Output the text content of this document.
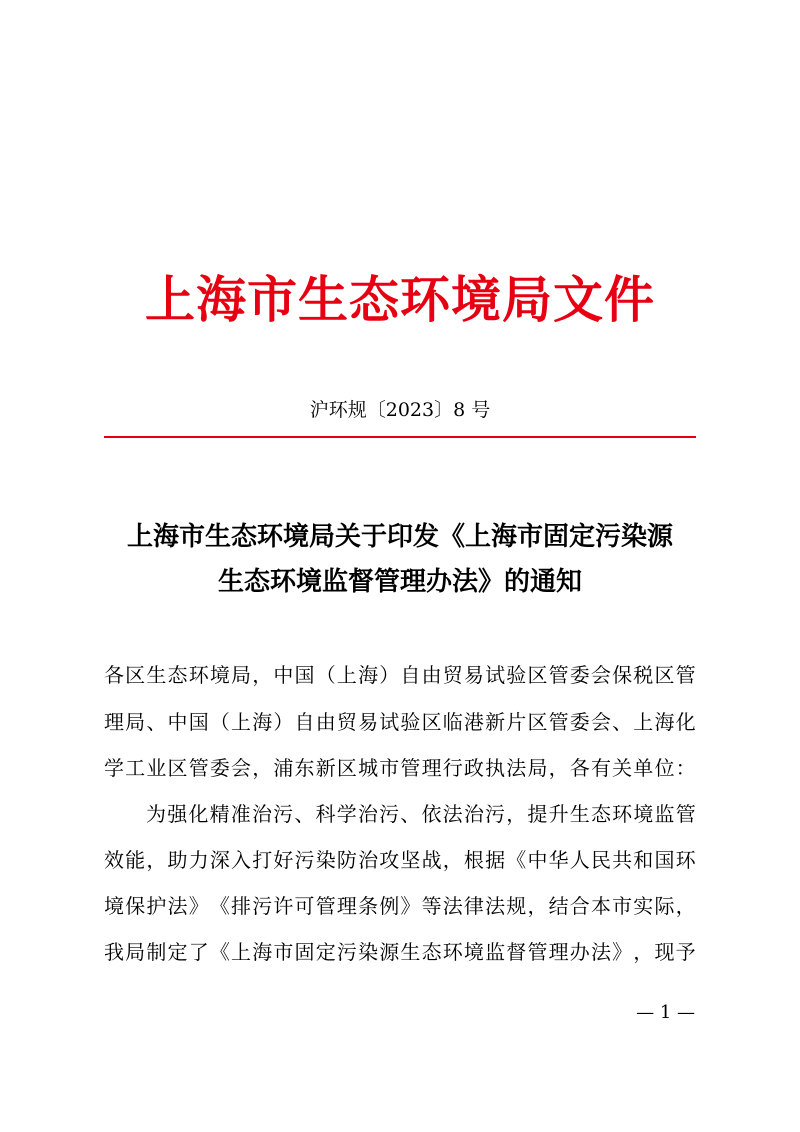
上海市生态环境局文件
沪环规〔2023〕8 号
上海市生态环境局关于印发《上海市固定污染源
生态环境监督管理办法》的通知
各 区 生 态 环 境 局 ， 中 国 （ 上 海 ） 自 由 贸 易 试 验 区 管 委 会 保 税 区 管
理 局 、 中 国 （ 上 海 ） 自 由 贸 易 试 验 区 临 港 新 片 区 管 委 会 、 上 海 化
学 工 业 区 管 委 会 ， 浦 东 新 区 城 市 管 理 行 政 执 法 局 ， 各 有 关 单 位 ：
为 强 化 精 准 治 污 、 科 学 治 污 、 依 法 治 污 ， 提 升 生 态 环 境 监 管
效 能 ， 助 力 深 入 打 好 污 染 防 治 攻 坚 战 ， 根 据 《 中 华 人 民 共 和 国 环
境 保 护 法 》 《 排 污 许 可 管 理 条 例 》 等 法 律 法 规 ， 结 合 本 市 实 际 ，
我 局 制 定 了 《 上 海 市 固 定 污 染 源 生 态 环 境 监 督 管 理 办 法 》 ， 现 予
— 1 —
